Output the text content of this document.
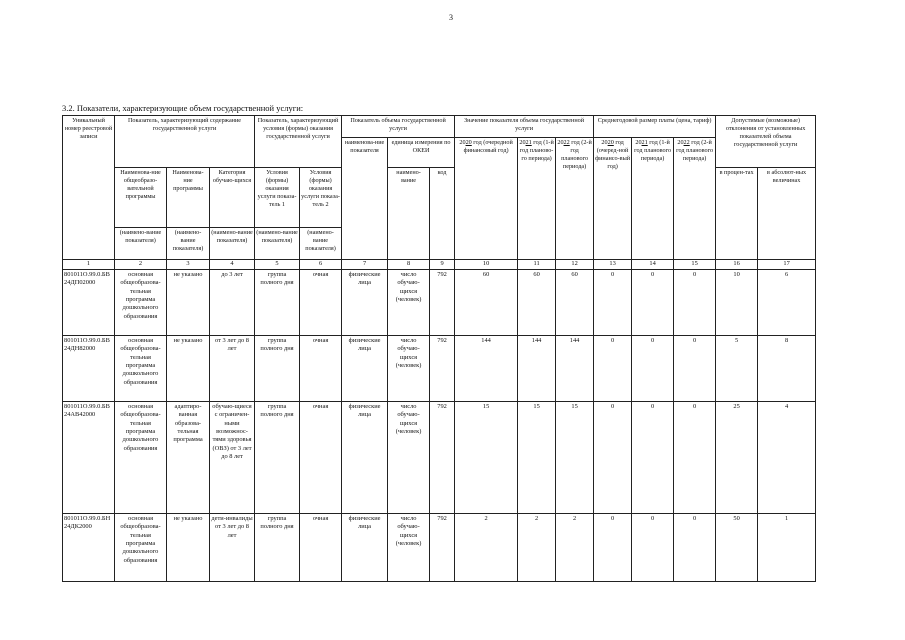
3
3.2. Показатели, характеризующие объем государственной услуги:
Уникальный номер реестровой записи	Показатель, характеризующий содержание государственной услуги			Показатель, характеризующий условия (формы) оказания государственной услуги		Показатель объема государственной услуги			Значение показателя объема государственной услуги			Среднегодовой размер платы (цена, тариф)			Допустимые (возможные) отклонения от установленных показателей объема государственной услуги	
						наименова-ние показателя	единица измерения по ОКЕИ		2020 год (очередной финансовый год)	2021 год (1-й год планово-го периода)	2022 год (2-й год планового периода)	2020 год (очеред-ной финансо-вый год)	2021 год (1-й год планового периода)	2022 год (2-й год планового периода)		
	Наименова-ние общеобразо-вательной программы	Наименова-ние программы	Категория обучаю-щихся	Условия (формы) оказания услуги показа-тель 1	Условия (формы) оказания услуги показа-тель 2		наимено-вание	код							в процен-тах	в абсолют-ных величинах
	(наимено-вание показателя)	(наимено-вание показателя)	(наимено-вание показателя)	(наимено-вание показателя)	(наимено-вание показателя)											
1	2	3	4	5	6	7	8	9	10	11	12	13	14	15	16	17
801011О.99.0.БВ24ДП02000	основная общеобразова-тельная программа дошкольного образования	не указано	до 3 лет	группа полного дня	очная	физические лица	число обучаю-щихся (человек)	792	60	60	60	0	0	0	10	6
801011О.99.0.БВ24ДН82000	основная общеобразова-тельная программа дошкольного образования	не указано	от 3 лет до 8 лет	группа полного дня	очная	физические лица	число обучаю-щихся (человек)	792	144	144	144	0	0	0	5	8
801011О.99.0.БВ24АВ42000	основная общеобразова-тельная программа дошкольного образования	адаптиро-ванная образова-тельная программа	обучаю-щиеся с ограничен-ными возможнос-тями здоровья (ОВЗ) от 3 лет до 8 лет	группа полного дня	очная	физические лица	число обучаю-щихся (человек)	792	15	15	15	0	0	0	25	4
801011О.99.0.БН24ДК2000	основная общеобразова-тельная программа дошкольного образования	не указано	дети-инвалиды от 3 лет до 8 лет	группа полного дня	очная	физические лица	число обучаю-щихся (человек)	792	2	2	2	0	0	0	50	1
